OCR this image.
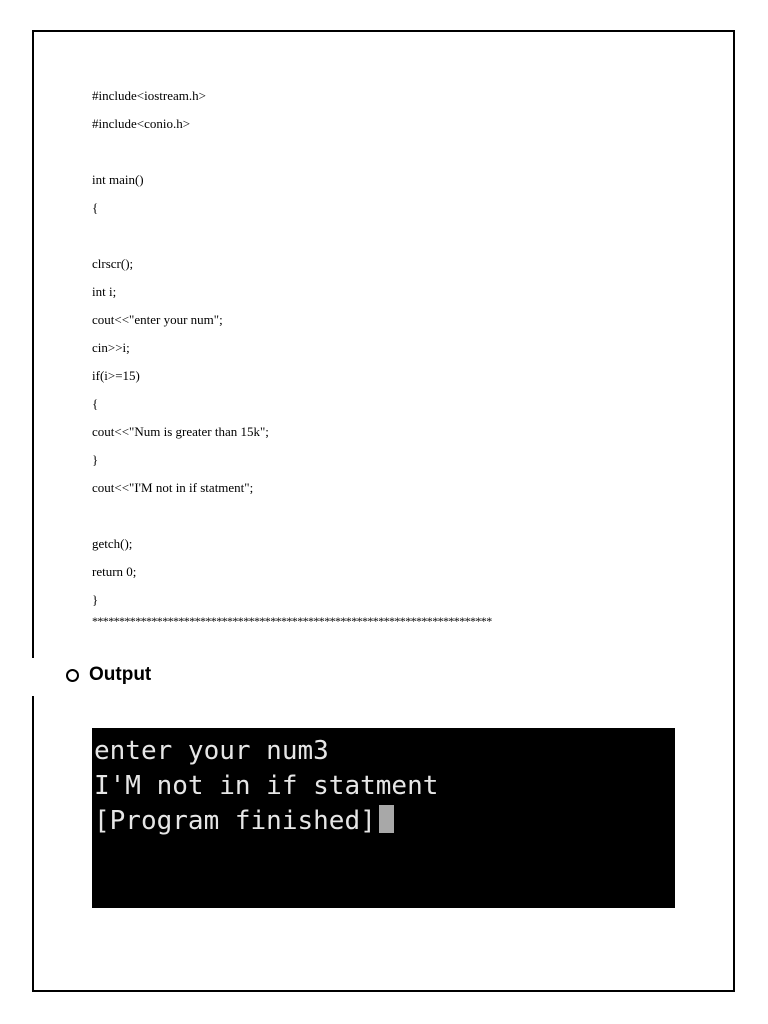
#include<iostream.h>
#include<conio.h>
int main()
{
clrscr();
int i;
cout<<"enter your num";
cin>>i;
if(i>=15)
{
cout<<"Num is greater than 15k";
}
cout<<"I'M not in if statment";
getch();
return 0;
}
**************************************************************************
Output
enter your num3
I'M not in if statment
[Program finished]
